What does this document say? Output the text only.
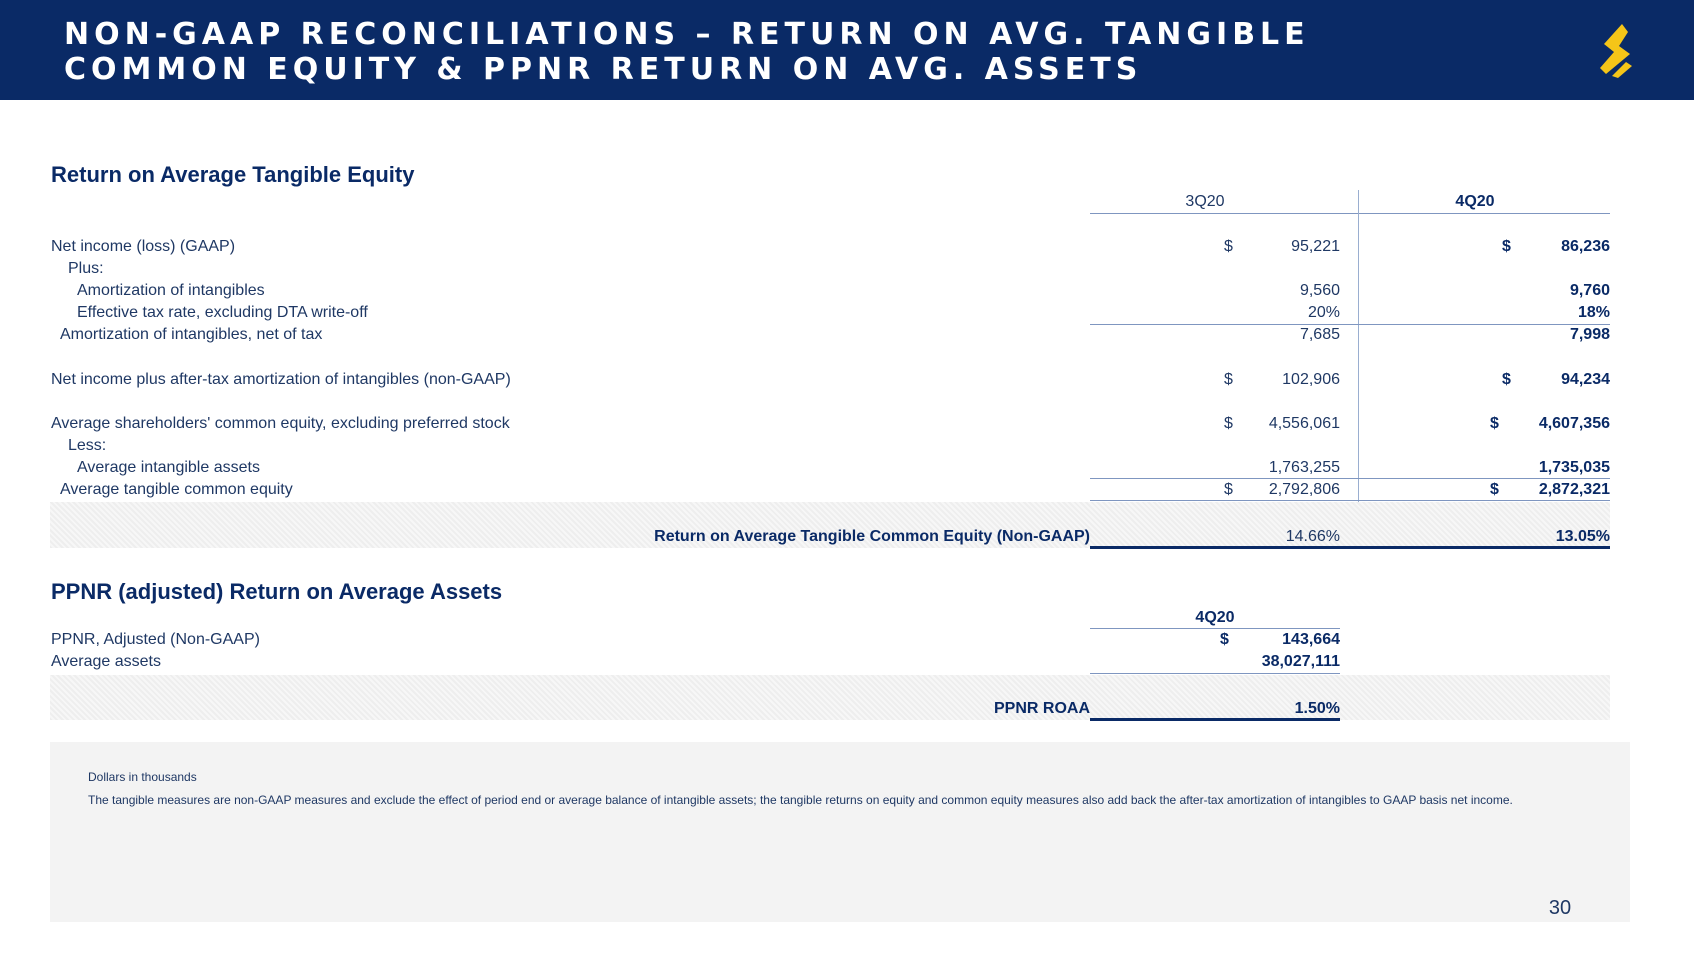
NON-GAAP RECONCILIATIONS – RETURN ON AVG. TANGIBLE
COMMON EQUITY & PPNR RETURN ON AVG. ASSETS
Return on Average Tangible Equity
3Q20	4Q20
Net income (loss) (GAAP)	$	95,221	$	86,236
Plus:
Amortization of intangibles	9,560	9,760
Effective tax rate, excluding DTA write-off	20%	18%
Amortization of intangibles, net of tax	7,685	7,998
Net income plus after-tax amortization of intangibles (non-GAAP)	$	102,906	$	94,234
Average shareholders' common equity, excluding preferred stock	$	4,556,061	$	4,607,356
Less:
Average intangible assets	1,763,255	1,735,035
Average tangible common equity	$	2,792,806	$	2,872,321
Return on Average Tangible Common Equity (Non-GAAP)	14.66%	13.05%
PPNR (adjusted) Return on Average Assets
4Q20
PPNR, Adjusted (Non-GAAP)	$	143,664
Average assets	38,027,111
PPNR ROAA	1.50%
Dollars in thousands
The tangible measures are non-GAAP measures and exclude the effect of period end or average balance of intangible assets; the tangible returns on equity and common equity measures also add back the after-tax amortization of intangibles to GAAP basis net income.
30
